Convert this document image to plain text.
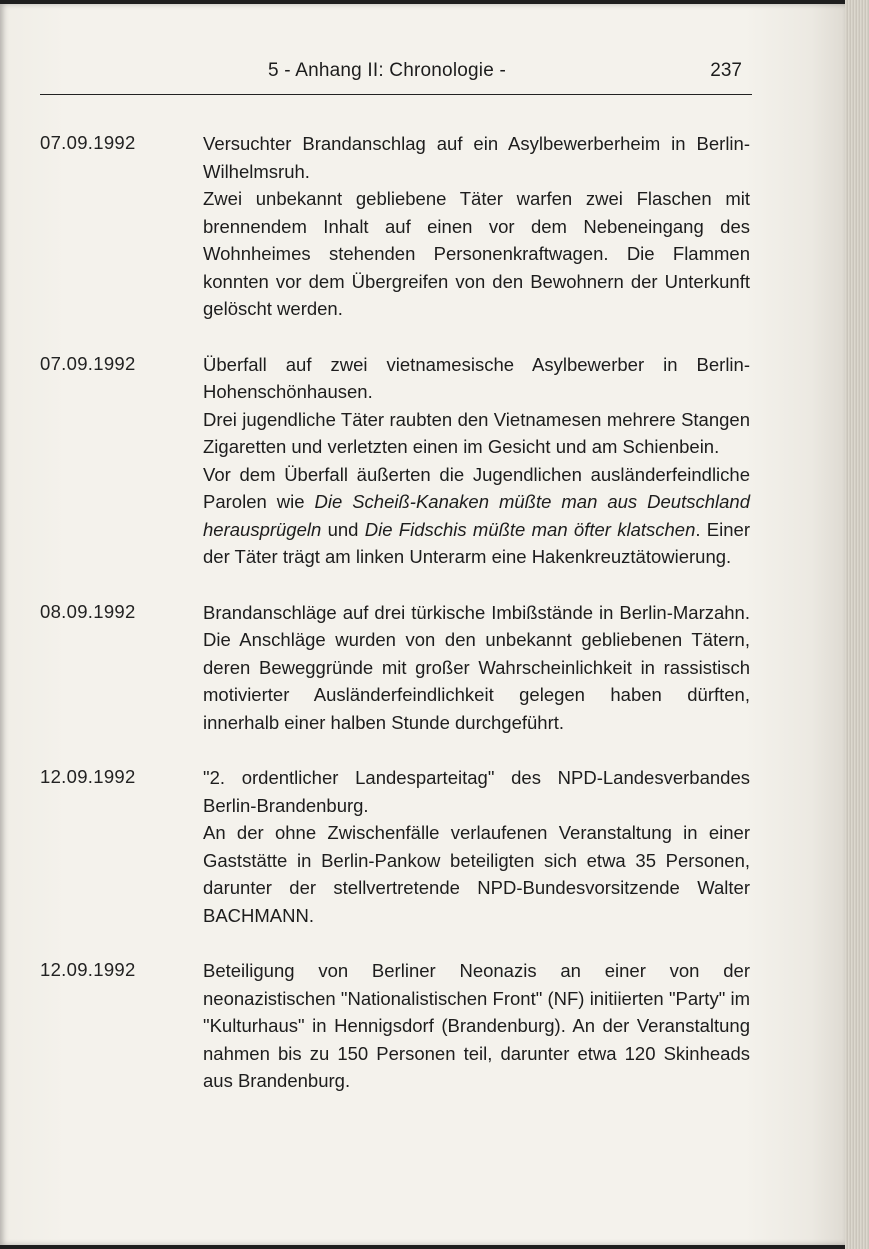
5 - Anhang II: Chronologie -	237
07.09.1992	Versuchter Brandanschlag auf ein Asylbewerberheim in Berlin-Wilhelmsruh.

Zwei unbekannt gebliebene Täter warfen zwei Flaschen mit brennendem Inhalt auf einen vor dem Nebeneingang des Wohnheimes stehenden Personenkraftwagen. Die Flammen konnten vor dem Übergreifen von den Bewohnern der Unterkunft gelöscht werden.

07.09.1992	Überfall auf zwei vietnamesische Asylbewerber in Berlin-Hohenschönhausen.

Drei jugendliche Täter raubten den Vietnamesen mehrere Stangen Zigaretten und verletzten einen im Gesicht und am Schienbein.

Vor dem Überfall äußerten die Jugendlichen ausländerfeindliche Parolen wie Die Scheiß-Kanaken müßte man aus Deutschland herausprügeln und Die Fidschis müßte man öfter klatschen. Einer der Täter trägt am linken Unterarm eine Hakenkreuztätowierung.

08.09.1992	Brandanschläge auf drei türkische Imbißstände in Berlin-Marzahn. Die Anschläge wurden von den unbekannt gebliebenen Tätern, deren Beweggründe mit großer Wahrscheinlichkeit in rassistisch motivierter Ausländerfeindlichkeit gelegen haben dürften, innerhalb einer halben Stunde durchgeführt.

12.09.1992	"2. ordentlicher Landesparteitag" des NPD-Landesverbandes Berlin-Brandenburg.

An der ohne Zwischenfälle verlaufenen Veranstaltung in einer Gaststätte in Berlin-Pankow beteiligten sich etwa 35 Personen, darunter der stellvertretende NPD-Bundesvorsitzende Walter BACHMANN.

12.09.1992	Beteiligung von Berliner Neonazis an einer von der neonazistischen "Nationalistischen Front" (NF) initiierten "Party" im "Kulturhaus" in Hennigsdorf (Brandenburg). An der Veranstaltung nahmen bis zu 150 Personen teil, darunter etwa 120 Skinheads aus Brandenburg.
